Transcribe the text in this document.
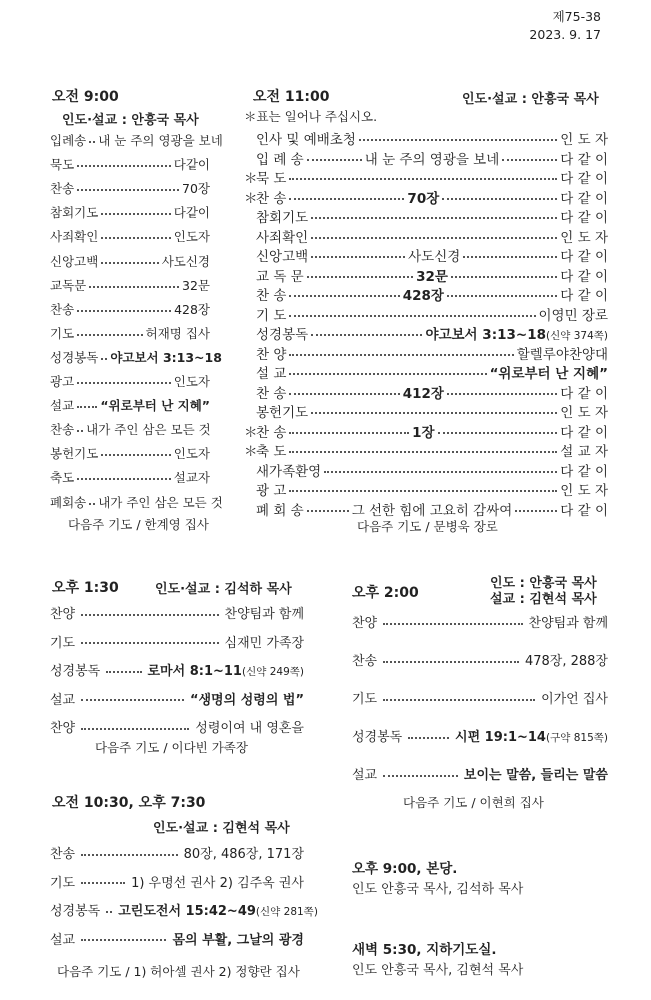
제75-38
2023. 9. 17
오전 9:00
인도·설교 : 안흥국 목사
입례송 내 눈 주의 영광을 보네
묵도	다같이
찬송	70장
참회기도	다같이
사죄확인	인도자
신앙고백	사도신경
교독문	32문
찬송	428장
기도	허재명 집사
성경봉독 야고보서 3:13~18
광고	인도자
설교 “위로부터 난 지혜”
찬송 내가 주인 삼은 모든 것
봉헌기도	인도자
축도	설교자
폐회송 내가 주인 삼은 모든 것
다음주 기도 / 한계영 집사
오전 11:00	인도·설교 : 안흥국 목사
＊표는 일어나 주십시오.
인사 및 예배초청	인 도 자
입 례 송	내 눈 주의 영광을 보네	다 같 이
＊
묵 도	다 같 이
＊
찬 송	70장	다 같 이
참회기도	다 같 이
사죄확인	인 도 자
신앙고백	사도신경	다 같 이
교 독 문	32문	다 같 이
찬 송	428장	다 같 이
기 도	이영민 장로
성경봉독	야고보서 3:13~18 (신약 374쪽)
찬 양	할렐루야찬양대
설 교	“위로부터 난 지혜”
찬 송	412장	다 같 이
봉헌기도	인 도 자
＊
찬 송	1장	다 같 이
＊
축 도	설 교 자
새가족환영	다 같 이
광 고	인 도 자
폐 회 송	그 선한 힘에 고요히 감싸여	다 같 이
다음주 기도 / 문병욱 장로
오후 1:30	인도·설교 : 김석하 목사
찬양	찬양팀과 함께
기도	심재민 가족장
성경봉독	로마서 8:1~11 (신약 249쪽)
설교	“생명의 성령의 법”
찬양	성령이여 내 영혼을
다음주 기도 / 이다빈 가족장
오후 2:00
인도 : 안흥국 목사
설교 : 김현석 목사
찬양	찬양팀과 함께
찬송	478장, 288장
기도	이가언 집사
성경봉독	시편 19:1~14 (구약 815쪽)
설교	보이는 말씀, 들리는 말씀
다음주 기도 / 이현희 집사
오전 10:30, 오후 7:30
인도·설교 : 김현석 목사
찬송	80장, 486장, 171장
기도	1) 우명선 권사 2) 김주옥 권사
성경봉독 고린도전서 15:42~49 (신약 281쪽)
설교	몸의 부활, 그날의 광경
다음주 기도 / 1) 허아셀 권사 2) 정향란 집사
오후 9:00, 본당.
인도 안흥국 목사, 김석하 목사
새벽 5:30, 지하기도실.
인도 안흥국 목사, 김현석 목사
